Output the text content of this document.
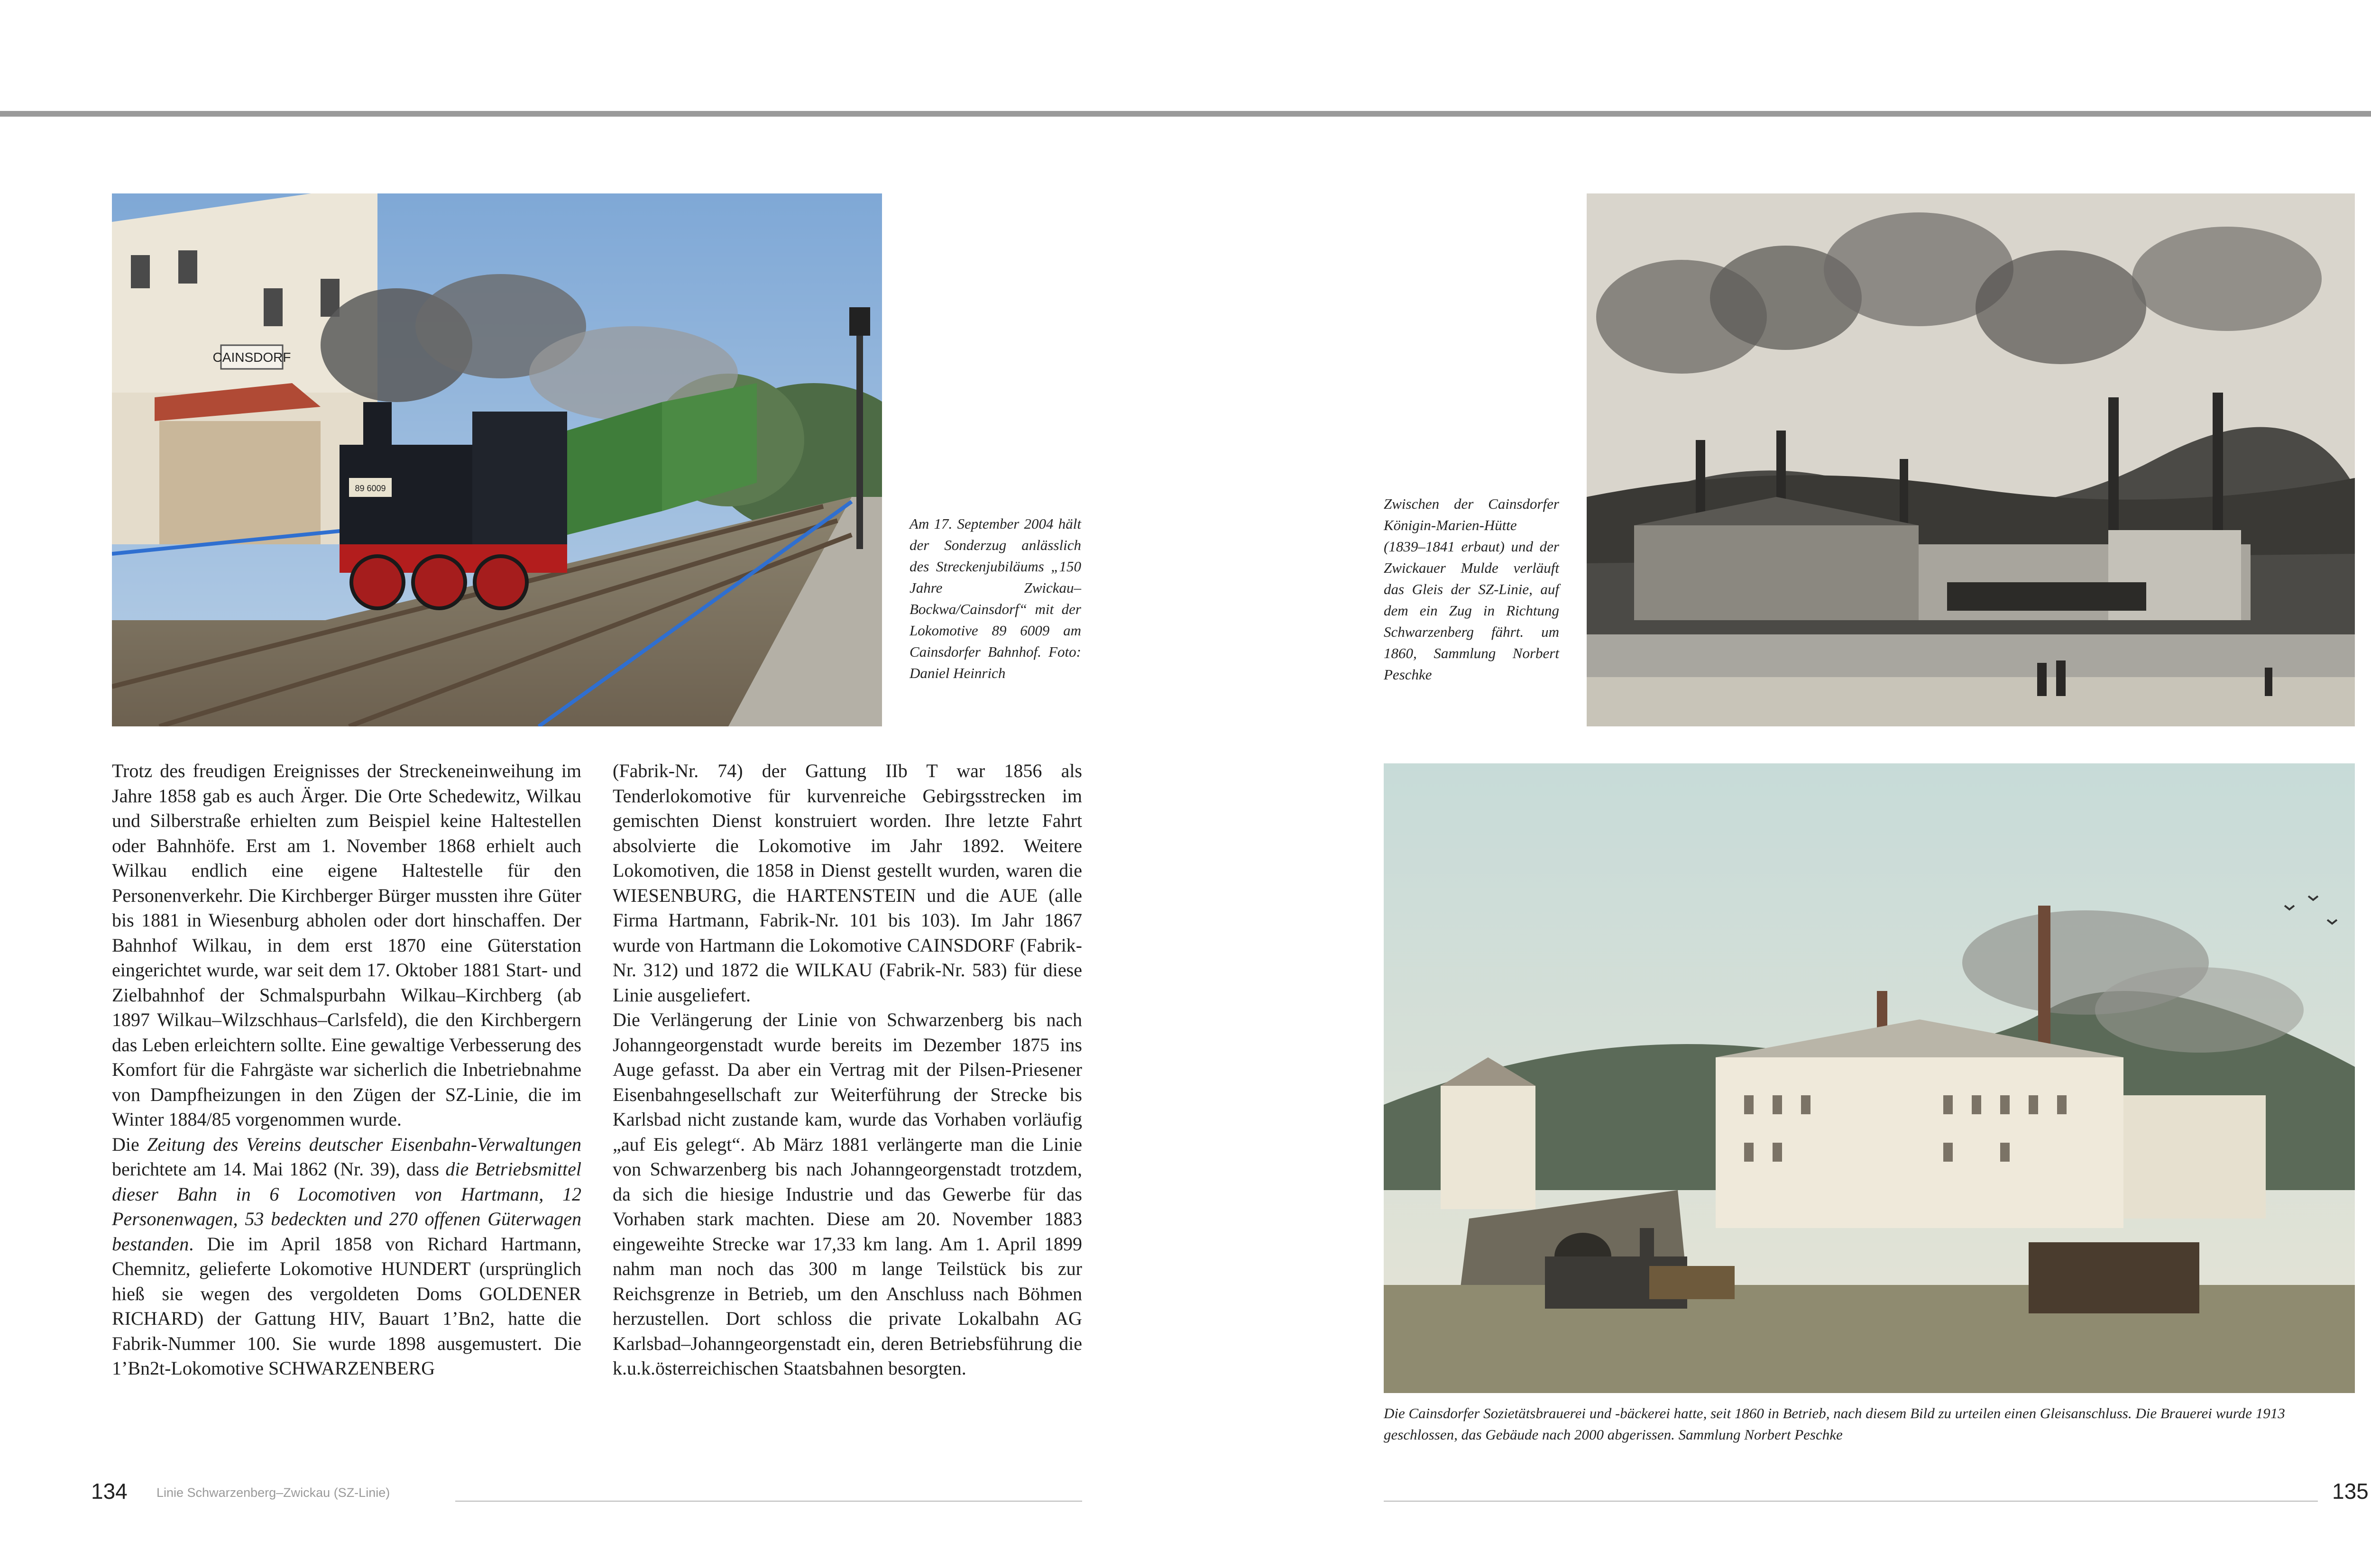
CAINSDORF
89 6009
Am 17. September 2004 hält der Sonderzug anlässlich des Streckenjubiläums „150 Jahre Zwickau–Bockwa/Cainsdorf“ mit der Lokomotive 89 6009 am Cainsdorfer Bahnhof. Foto: Daniel Heinrich

Trotz des freudigen Ereignisses der Streckeneinweihung im Jahre 1858 gab es auch Ärger. Die Orte Schedewitz, Wilkau und Silberstraße erhielten zum Beispiel keine Haltestellen oder Bahnhöfe. Erst am 1. November 1868 erhielt auch Wilkau endlich eine eigene Haltestelle für den Personenverkehr. Die Kirchberger Bürger mussten ihre Güter bis 1881 in Wiesenburg abholen oder dort hinschaffen. Der Bahnhof Wilkau, in dem erst 1870 eine Güterstation eingerichtet wurde, war seit dem 17. Oktober 1881 Start- und Zielbahnhof der Schmalspurbahn Wilkau–Kirchberg (ab 1897 Wilkau–Wilzschhaus–Carlsfeld), die den Kirchbergern das Leben erleichtern sollte. Eine gewaltige Verbesserung des Komfort für die Fahrgäste war sicherlich die Inbetriebnahme von Dampfheizungen in den Zügen der SZ-Linie, die im Winter 1884/85 vorgenommen wurde.

Die Zeitung des Vereins deutscher Eisenbahn-Verwaltungen berichtete am 14. Mai 1862 (Nr. 39), dass die Betriebsmittel dieser Bahn in 6 Locomotiven von Hartmann, 12 Personenwagen, 53 bedeckten und 270 offenen Güterwagen bestanden. Die im April 1858 von Richard Hartmann, Chemnitz, gelieferte Lokomotive HUNDERT (ursprünglich hieß sie wegen des vergoldeten Doms GOLDENER RICHARD) der Gattung HIV, Bauart 1’Bn2, hatte die Fabrik-Nummer 100. Sie wurde 1898 ausgemustert. Die 1’Bn2t-Lokomotive SCHWARZENBERG

(Fabrik-Nr. 74) der Gattung IIb T war 1856 als Tenderlokomotive für kurvenreiche Gebirgsstrecken im gemischten Dienst konstruiert worden. Ihre letzte Fahrt absolvierte die Lokomotive im Jahr 1892. Weitere Lokomotiven, die 1858 in Dienst gestellt wurden, waren die WIESENBURG, die HARTENSTEIN und die AUE (alle Firma Hartmann, Fabrik-Nr. 101 bis 103). Im Jahr 1867 wurde von Hartmann die Lokomotive CAINSDORF (Fabrik-Nr. 312) und 1872 die WILKAU (Fabrik-Nr. 583) für diese Linie ausgeliefert.

Die Verlängerung der Linie von Schwarzenberg bis nach Johanngeorgenstadt wurde bereits im Dezember 1875 ins Auge gefasst. Da aber ein Vertrag mit der Pilsen-Priesener Eisenbahngesellschaft zur Weiterführung der Strecke bis Karlsbad nicht zustande kam, wurde das Vorhaben vorläufig „auf Eis gelegt“. Ab März 1881 verlängerte man die Linie von Schwarzenberg bis nach Johanngeorgenstadt trotzdem, da sich die hiesige Industrie und das Gewerbe für das Vorhaben stark machten. Diese am 20. November 1883 eingeweihte Strecke war 17,33 km lang. Am 1. April 1899 nahm man noch das 300 m lange Teilstück bis zur Reichsgrenze in Betrieb, um den Anschluss nach Böhmen herzustellen. Dort schloss die private Lokalbahn AG Karlsbad–Johanngeorgenstadt ein, deren Betriebsführung die k.u.k.österreichischen Staatsbahnen besorgten.

134 Linie Schwarzenberg–Zwickau (SZ-Linie)
Zwischen der Cainsdorfer Königin-Marien-Hütte (1839–1841 erbaut) und der Zwickauer Mulde verläuft das Gleis der SZ-Linie, auf dem ein Zug in Richtung Schwarzenberg fährt. um 1860, Sammlung Norbert Peschke
Die Cainsdorfer Sozietätsbrauerei und -bäckerei hatte, seit 1860 in Betrieb, nach diesem Bild zu urteilen einen Gleisanschluss. Die Brauerei wurde 1913 geschlossen, das Gebäude nach 2000 abgerissen. Sammlung Norbert Peschke
135
